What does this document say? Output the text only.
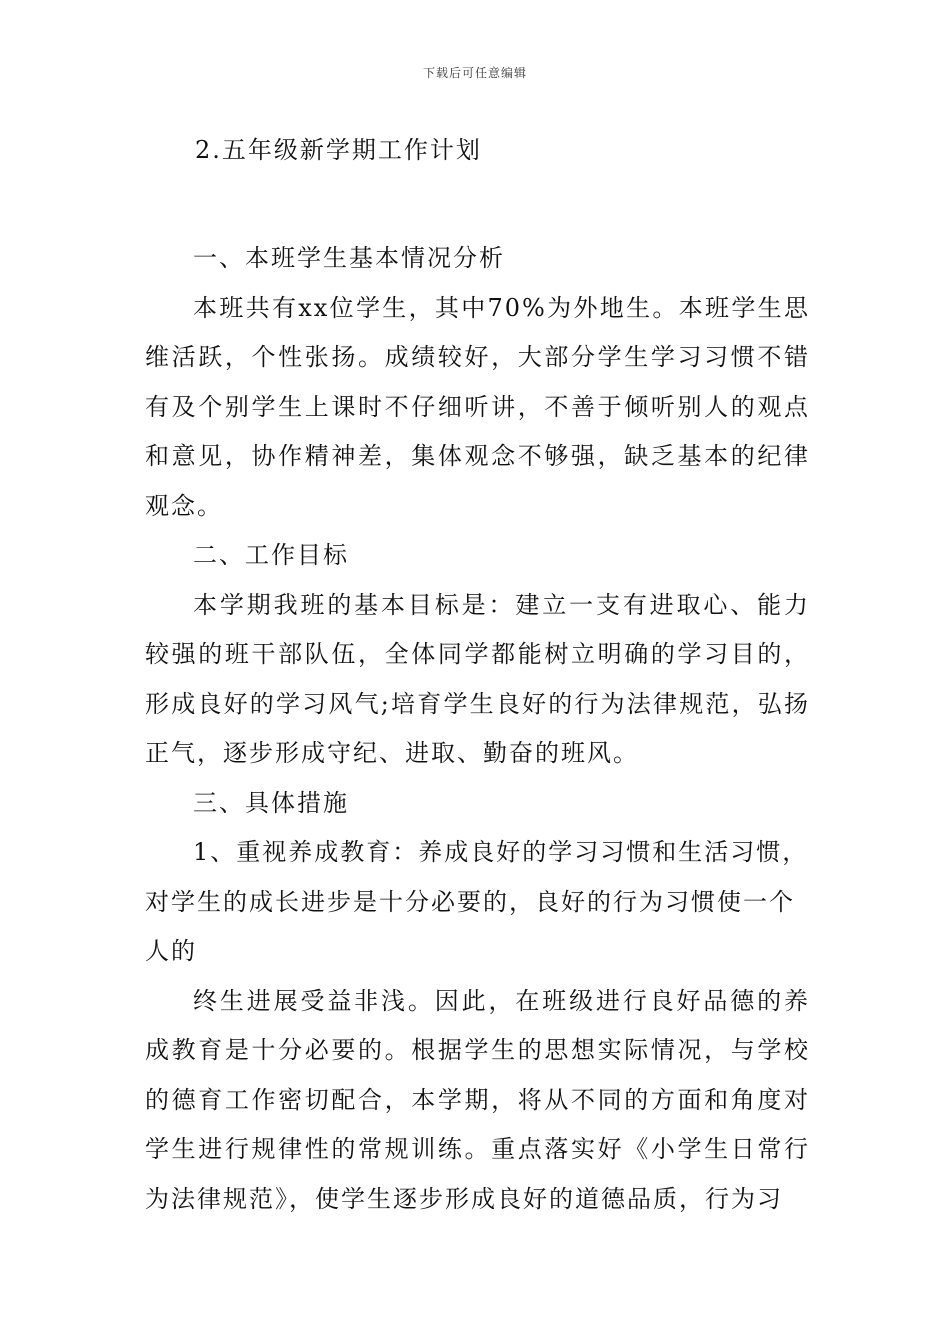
下载后可任意编辑
2.五年级新学期工作计划

一、本班学生基本情况分析

本班共有xx位学生，其中70%为外地生。本班学生思维活跃，个性张扬。成绩较好，大部分学生学习习惯不错有及个别学生上课时不仔细听讲，不善于倾听别人的观点和意见，协作精神差，集体观念不够强，缺乏基本的纪律观念。

二、工作目标

本学期我班的基本目标是：建立一支有进取心、能力较强的班干部队伍，全体同学都能树立明确的学习目的，形成良好的学习风气;培育学生良好的行为法律规范，弘扬正气，逐步形成守纪、进取、勤奋的班风。

三、具体措施

1、重视养成教育：养成良好的学习习惯和生活习惯，对学生的成长进步是十分必要的，良好的行为习惯使一个人的

终生进展受益非浅。因此，在班级进行良好品德的养成教育是十分必要的。根据学生的思想实际情况，与学校的德育工作密切配合，本学期，将从不同的方面和角度对学生进行规律性的常规训练。重点落实好《小学生日常行为法律规范》，使学生逐步形成良好的道德品质，行为习
